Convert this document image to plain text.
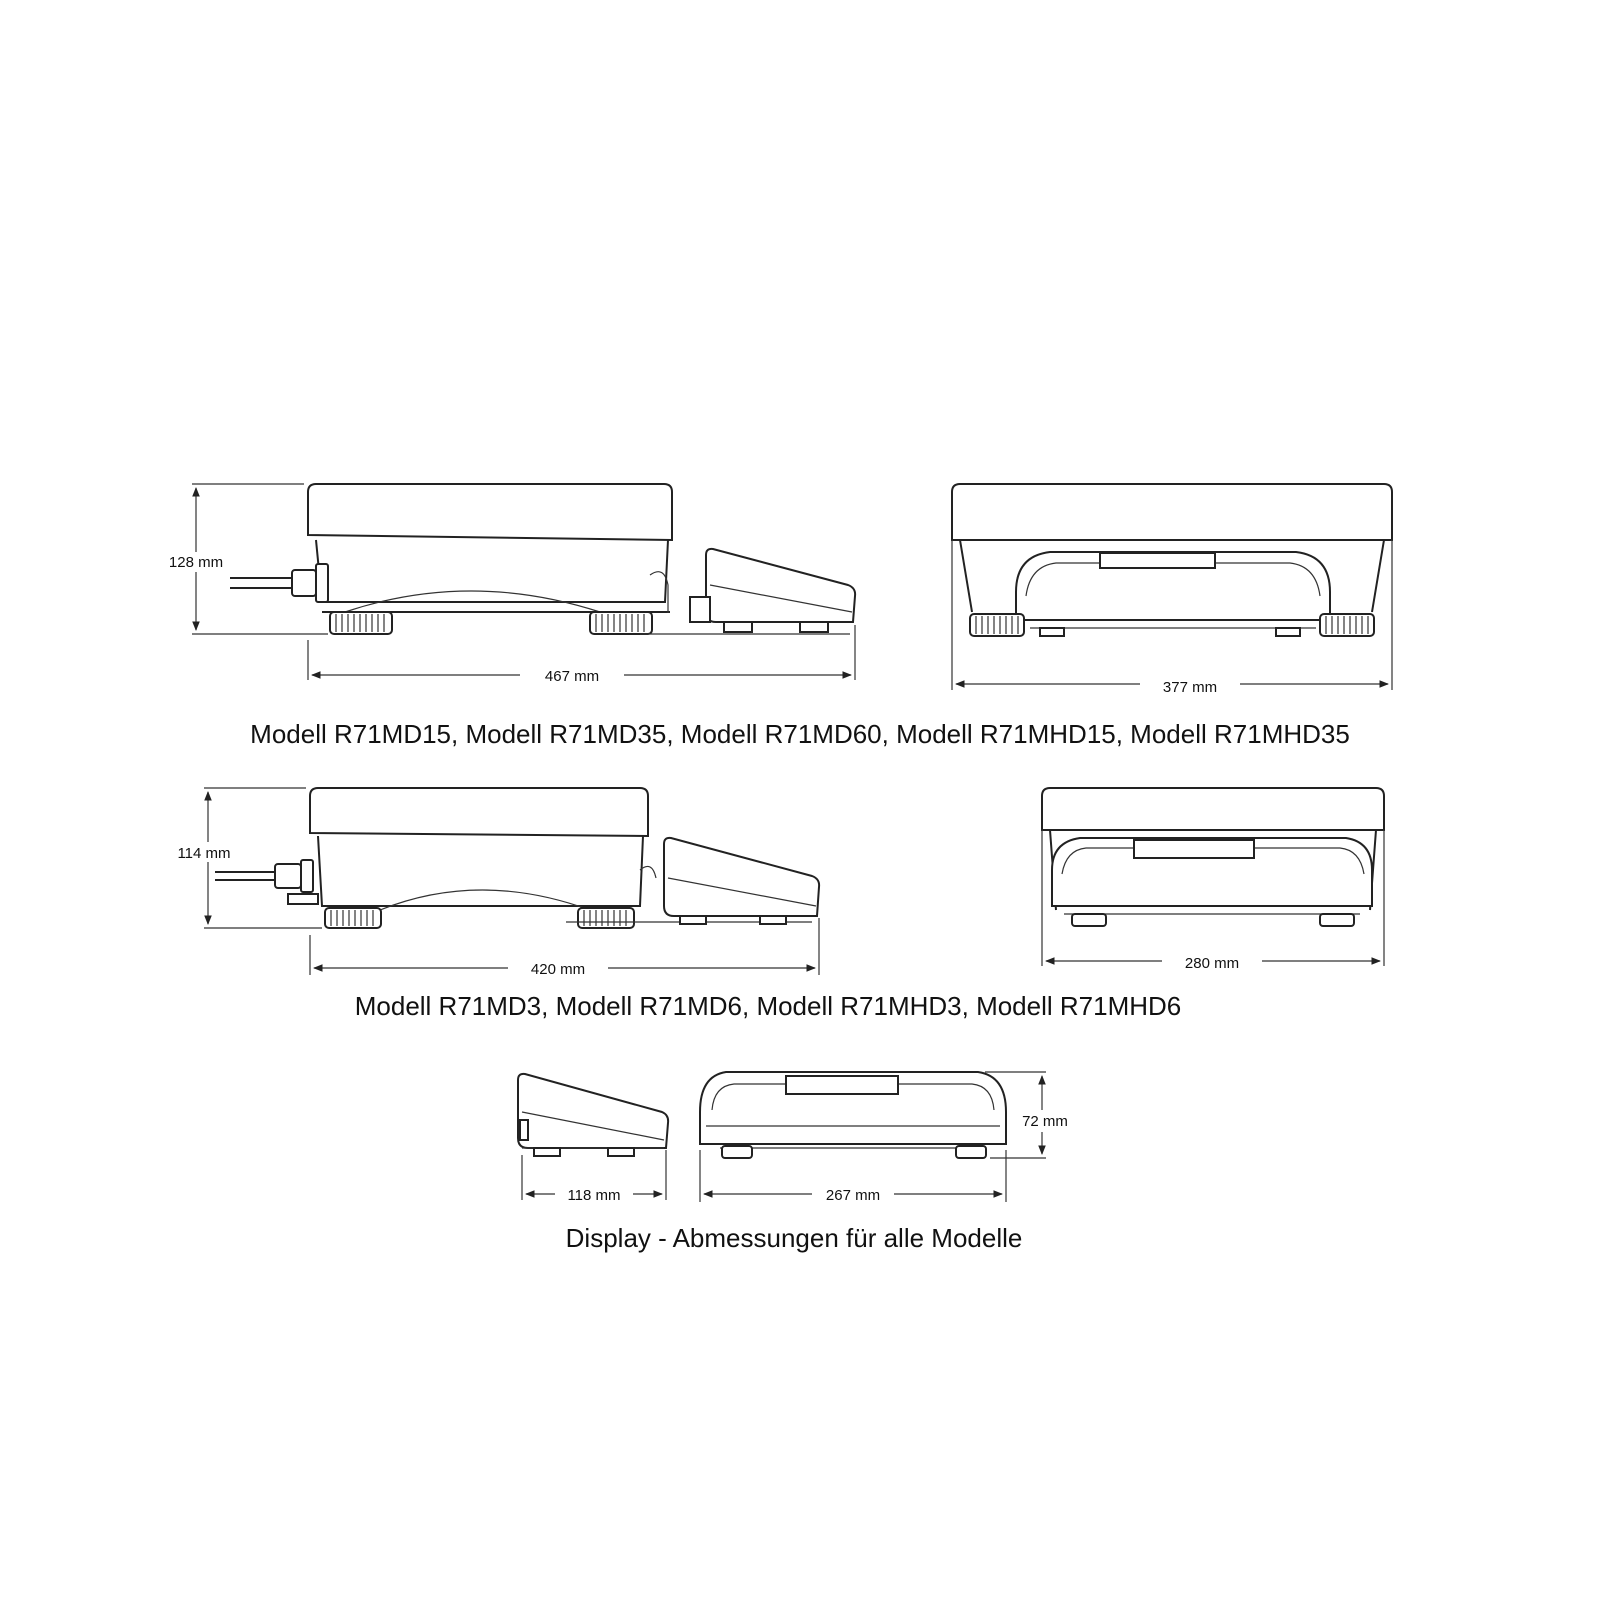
128 mm
467 mm
377 mm
Modell R71MD15, Modell R71MD35, Modell R71MD60, Modell R71MHD15, Modell R71MHD35
114 mm
420 mm	280 mm
Modell R71MD3, Modell R71MD6, Modell R71MHD3, Modell R71MHD6
118 mm	267 mm
72 mm
Display - Abmessungen für alle Modelle
